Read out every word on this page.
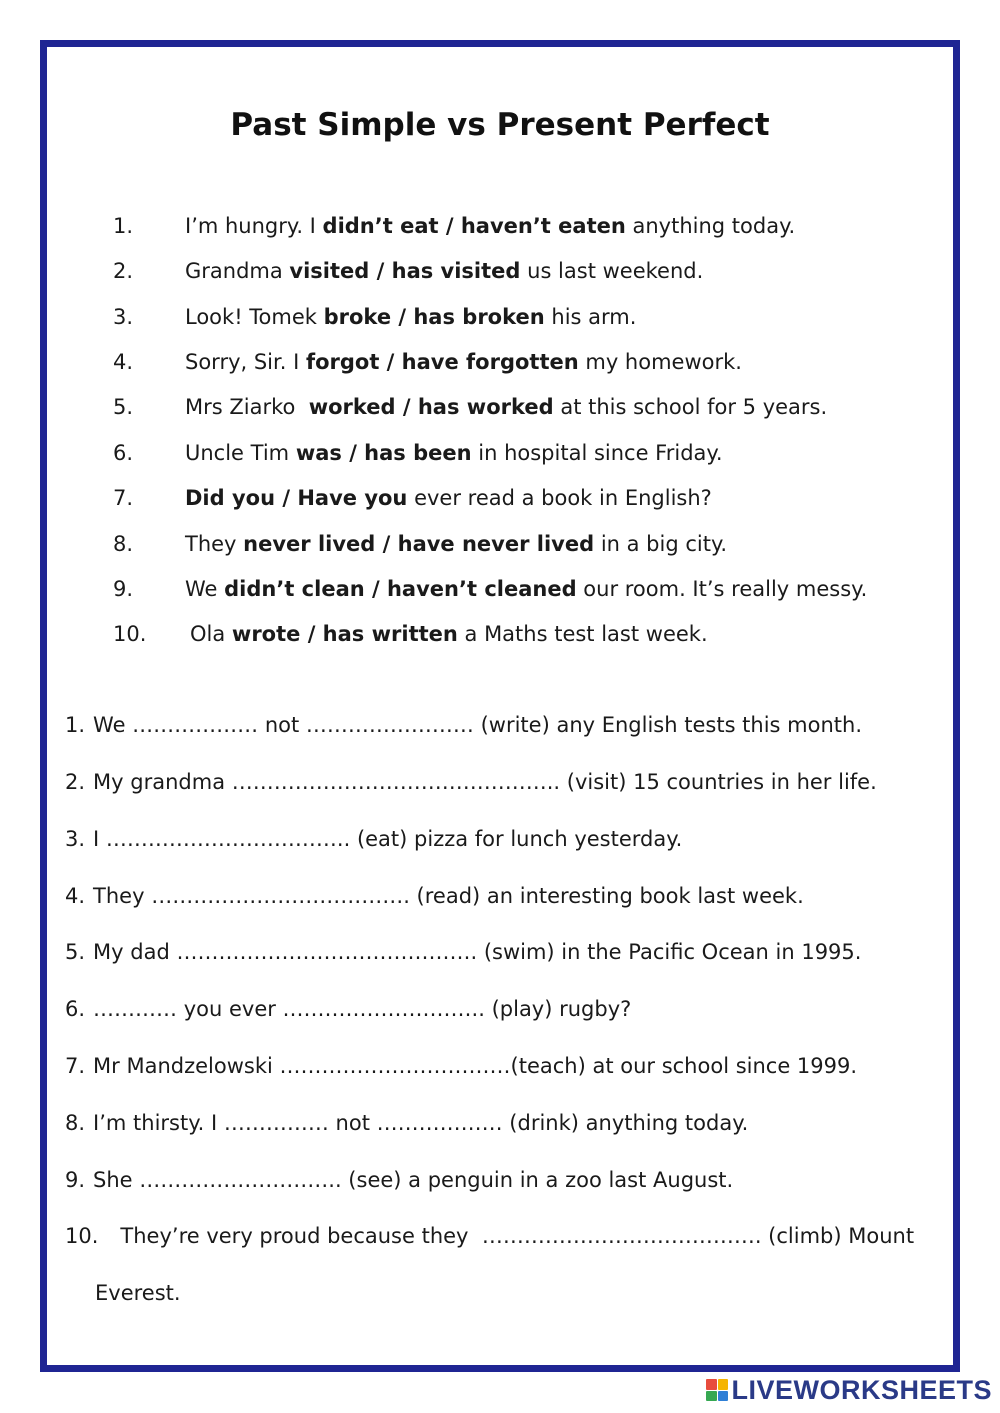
Past Simple vs Present Perfect
1. I’m hungry. I didn’t eat / haven’t eaten anything today.
2. Grandma visited / has visited us last weekend.
3. Look! Tomek broke / has broken his arm.
4. Sorry, Sir. I forgot / have forgotten my homework.
5. Mrs Ziarko  worked / has worked at this school for 5 years.
6. Uncle Tim was / has been in hospital since Friday.
7. Did you / Have you ever read a book in English?
8. They never lived / have never lived in a big city.
9. We didn’t clean / haven’t cleaned our room. It’s really messy.
10. Ola wrote / has written a Maths test last week.
1. We ……………… not …………………… (write) any English tests this month.
2. My grandma ……………………………………….. (visit) 15 countries in her life.
3. I …………………………….. (eat) pizza for lunch yesterday.
4. They ………………………………. (read) an interesting book last week.
5. My dad ……………………………………. (swim) in the Pacific Ocean in 1995.
6. ………… you ever ……………………….. (play) rugby?
7. Mr Mandzelowski ……………………………(teach) at our school since 1999.
8. I’m thirsty. I …………… not ……………… (drink) anything today.
9. She ……………………….. (see) a penguin in a zoo last August.
10. They’re very proud because they  …………………………………. (climb) Mount
Everest.
LIVEWORKSHEETS
